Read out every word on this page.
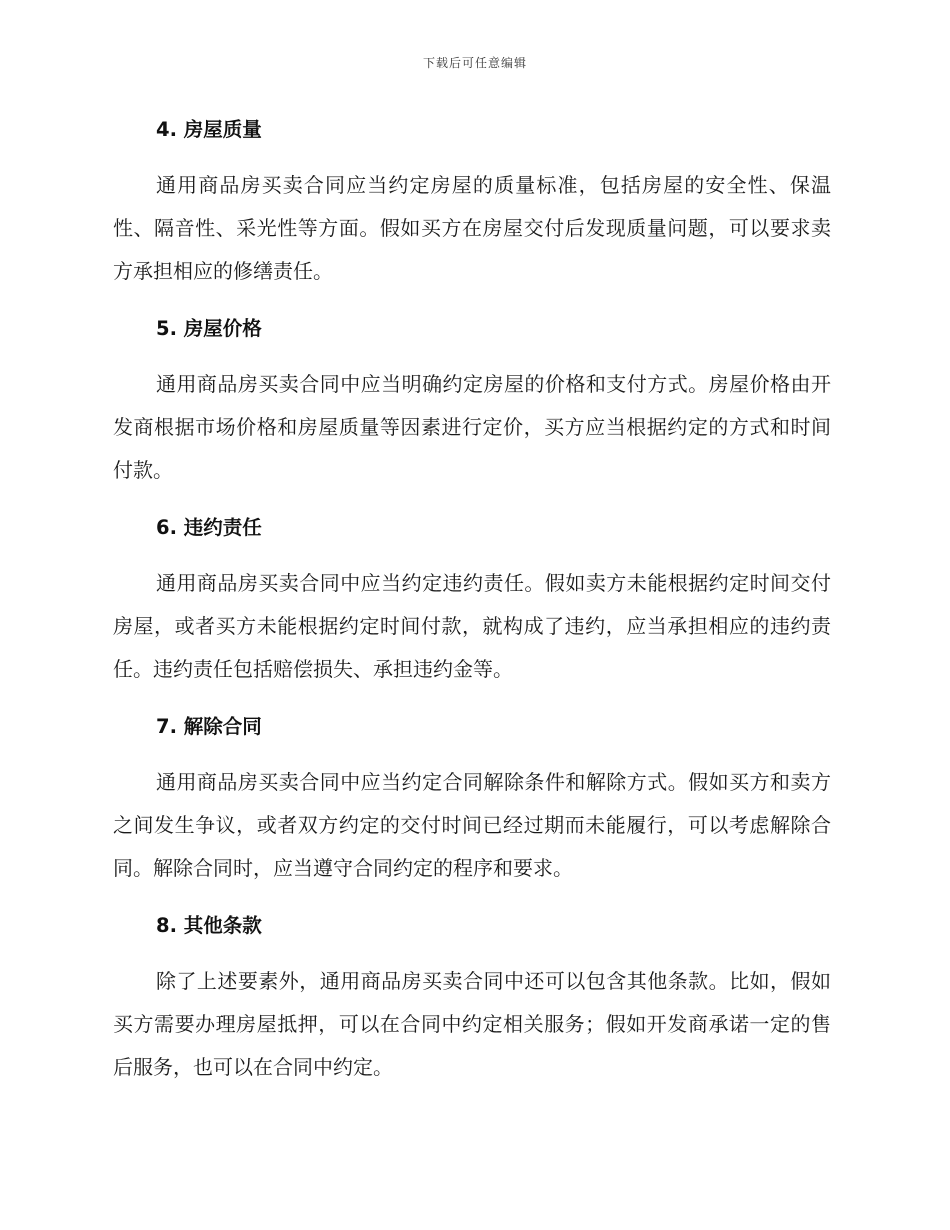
下载后可任意编辑
4. 房屋质量

通用商品房买卖合同应当约定房屋的质量标准，包括房屋的安全性、保温性、隔音性、采光性等方面。假如买方在房屋交付后发现质量问题，可以要求卖方承担相应的修缮责任。

5. 房屋价格

通用商品房买卖合同中应当明确约定房屋的价格和支付方式。房屋价格由开发商根据市场价格和房屋质量等因素进行定价，买方应当根据约定的方式和时间付款。

6. 违约责任

通用商品房买卖合同中应当约定违约责任。假如卖方未能根据约定时间交付房屋，或者买方未能根据约定时间付款，就构成了违约，应当承担相应的违约责任。违约责任包括赔偿损失、承担违约金等。

7. 解除合同

通用商品房买卖合同中应当约定合同解除条件和解除方式。假如买方和卖方之间发生争议，或者双方约定的交付时间已经过期而未能履行，可以考虑解除合同。解除合同时，应当遵守合同约定的程序和要求。

8. 其他条款

除了上述要素外，通用商品房买卖合同中还可以包含其他条款。比如，假如买方需要办理房屋抵押，可以在合同中约定相关服务；假如开发商承诺一定的售后服务，也可以在合同中约定。
